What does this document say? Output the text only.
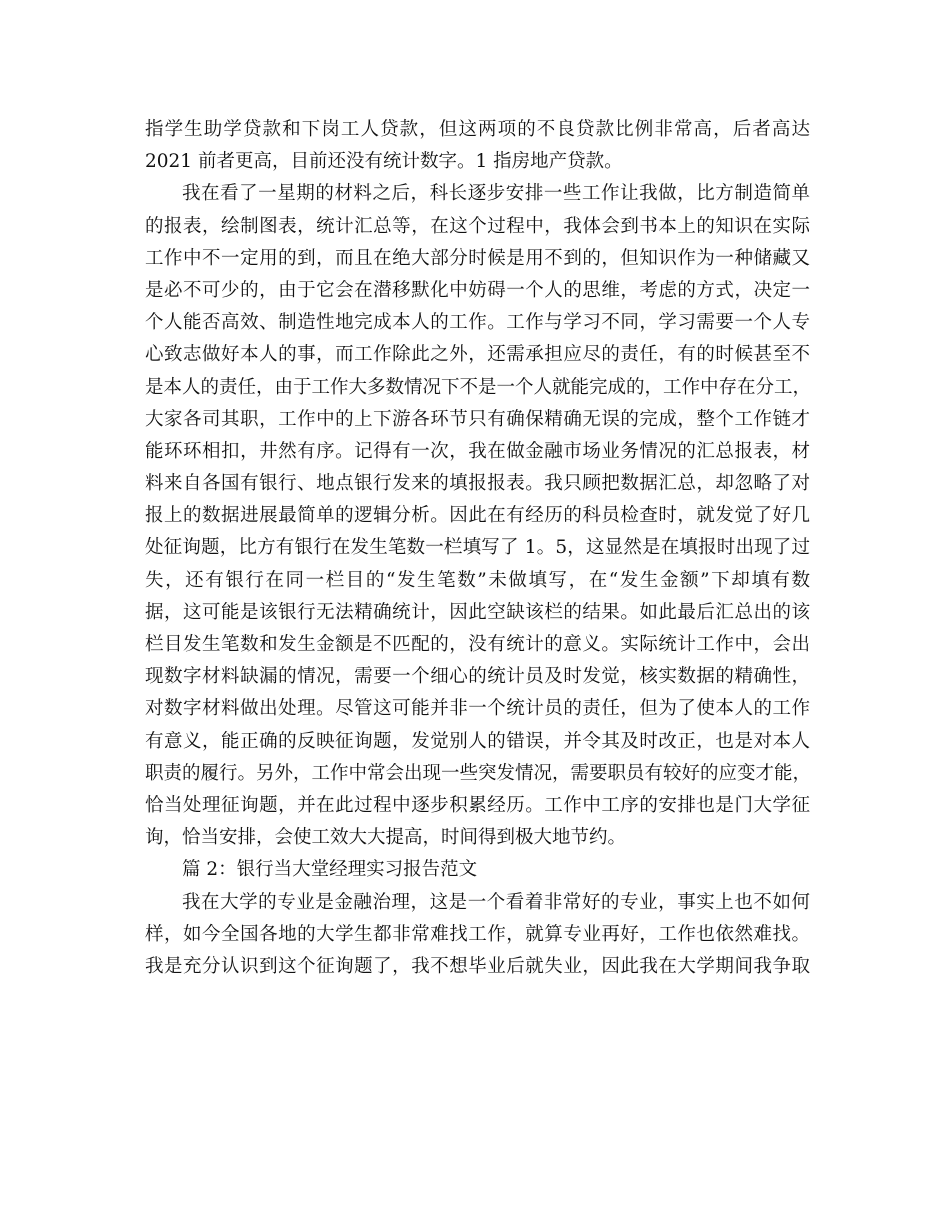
指学生助学贷款和下岗工人贷款，但这两项的不良贷款比例非常高，后者高达
2021 前者更高，目前还没有统计数字。1 指房地产贷款。
我在看了一星期的材料之后，科长逐步安排一些工作让我做，比方制造简单
的报表，绘制图表，统计汇总等，在这个过程中，我体会到书本上的知识在实际
工作中不一定用的到，而且在绝大部分时候是用不到的，但知识作为一种储藏又
是必不可少的，由于它会在潜移默化中妨碍一个人的思维，考虑的方式，决定一
个人能否高效、制造性地完成本人的工作。工作与学习不同，学习需要一个人专
心致志做好本人的事，而工作除此之外，还需承担应尽的责任，有的时候甚至不
是本人的责任，由于工作大多数情况下不是一个人就能完成的，工作中存在分工，
大家各司其职，工作中的上下游各环节只有确保精确无误的完成，整个工作链才
能环环相扣，井然有序。记得有一次，我在做金融市场业务情况的汇总报表，材
料来自各国有银行、地点银行发来的填报报表。我只顾把数据汇总，却忽略了对
报上的数据进展最简单的逻辑分析。因此在有经历的科员检查时，就发觉了好几
处征询题，比方有银行在发生笔数一栏填写了 1。5，这显然是在填报时出现了过
失，还有银行在同一栏目的“发生笔数”未做填写，在“发生金额”下却填有数
据，这可能是该银行无法精确统计，因此空缺该栏的结果。如此最后汇总出的该
栏目发生笔数和发生金额是不匹配的，没有统计的意义。实际统计工作中，会出
现数字材料缺漏的情况，需要一个细心的统计员及时发觉，核实数据的精确性，
对数字材料做出处理。尽管这可能并非一个统计员的责任，但为了使本人的工作
有意义，能正确的反映征询题，发觉别人的错误，并令其及时改正，也是对本人
职责的履行。另外，工作中常会出现一些突发情况，需要职员有较好的应变才能，
恰当处理征询题，并在此过程中逐步积累经历。工作中工序的安排也是门大学征
询，恰当安排，会使工效大大提高，时间得到极大地节约。
篇 2：银行当大堂经理实习报告范文
我在大学的专业是金融治理，这是一个看着非常好的专业，事实上也不如何
样，如今全国各地的大学生都非常难找工作，就算专业再好，工作也依然难找。
我是充分认识到这个征询题了，我不想毕业后就失业，因此我在大学期间我争取
